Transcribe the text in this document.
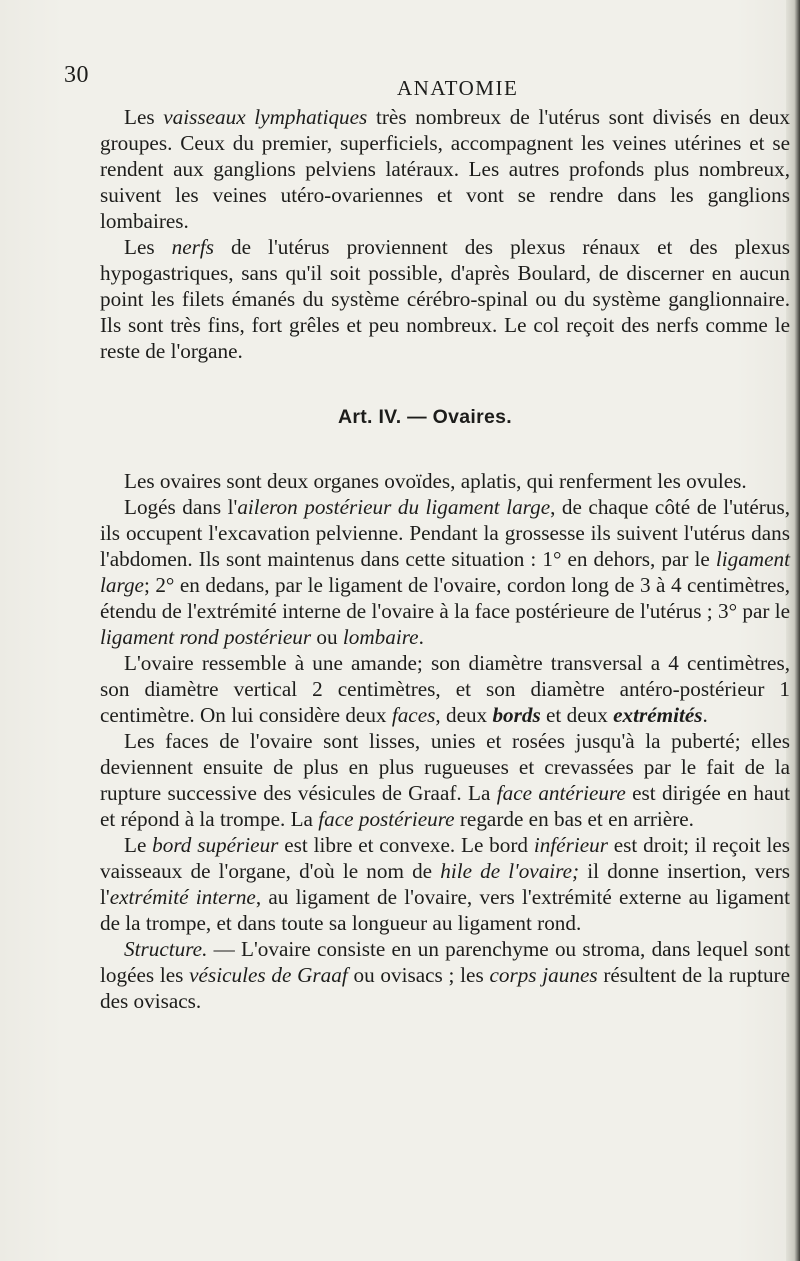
30	ANATOMIE

Les vaisseaux lymphatiques très nombreux de l'utérus sont divisés en deux groupes. Ceux du premier, superficiels, accompagnent les veines utérines et se rendent aux ganglions pelviens latéraux. Les autres profonds plus nombreux, suivent les veines utéro-ovariennes et vont se rendre dans les ganglions lombaires.

Les nerfs de l'utérus proviennent des plexus rénaux et des plexus hypogastriques, sans qu'il soit possible, d'après Boulard, de discerner en aucun point les filets émanés du système cérébro-spinal ou du système ganglionnaire. Ils sont très fins, fort grêles et peu nombreux. Le col reçoit des nerfs comme le reste de l'organe.

Art. IV. — Ovaires.

Les ovaires sont deux organes ovoïdes, aplatis, qui renferment les ovules.

Logés dans l'aileron postérieur du ligament large, de chaque côté de l'utérus, ils occupent l'excavation pelvienne. Pendant la grossesse ils suivent l'utérus dans l'abdomen. Ils sont maintenus dans cette situation : 1° en dehors, par le ligament large; 2° en dedans, par le ligament de l'ovaire, cordon long de 3 à 4 centimètres, étendu de l'extrémité interne de l'ovaire à la face postérieure de l'utérus ; 3° par le ligament rond postérieur ou lombaire.

L'ovaire ressemble à une amande; son diamètre transversal a 4 centimètres, son diamètre vertical 2 centimètres, et son diamètre antéro-postérieur 1 centimètre. On lui considère deux faces, deux bords et deux extrémités.

Les faces de l'ovaire sont lisses, unies et rosées jusqu'à la puberté; elles deviennent ensuite de plus en plus rugueuses et crevassées par le fait de la rupture successive des vésicules de Graaf. La face antérieure est dirigée en haut et répond à la trompe. La face postérieure regarde en bas et en arrière.

Le bord supérieur est libre et convexe. Le bord inférieur est droit; il reçoit les vaisseaux de l'organe, d'où le nom de hile de l'ovaire; il donne insertion, vers l'extrémité interne, au ligament de l'ovaire, vers l'extrémité externe au ligament de la trompe, et dans toute sa longueur au ligament rond.

Structure. — L'ovaire consiste en un parenchyme ou stroma, dans lequel sont logées les vésicules de Graaf ou ovisacs ; les corps jaunes résultent de la rupture des ovisacs.
